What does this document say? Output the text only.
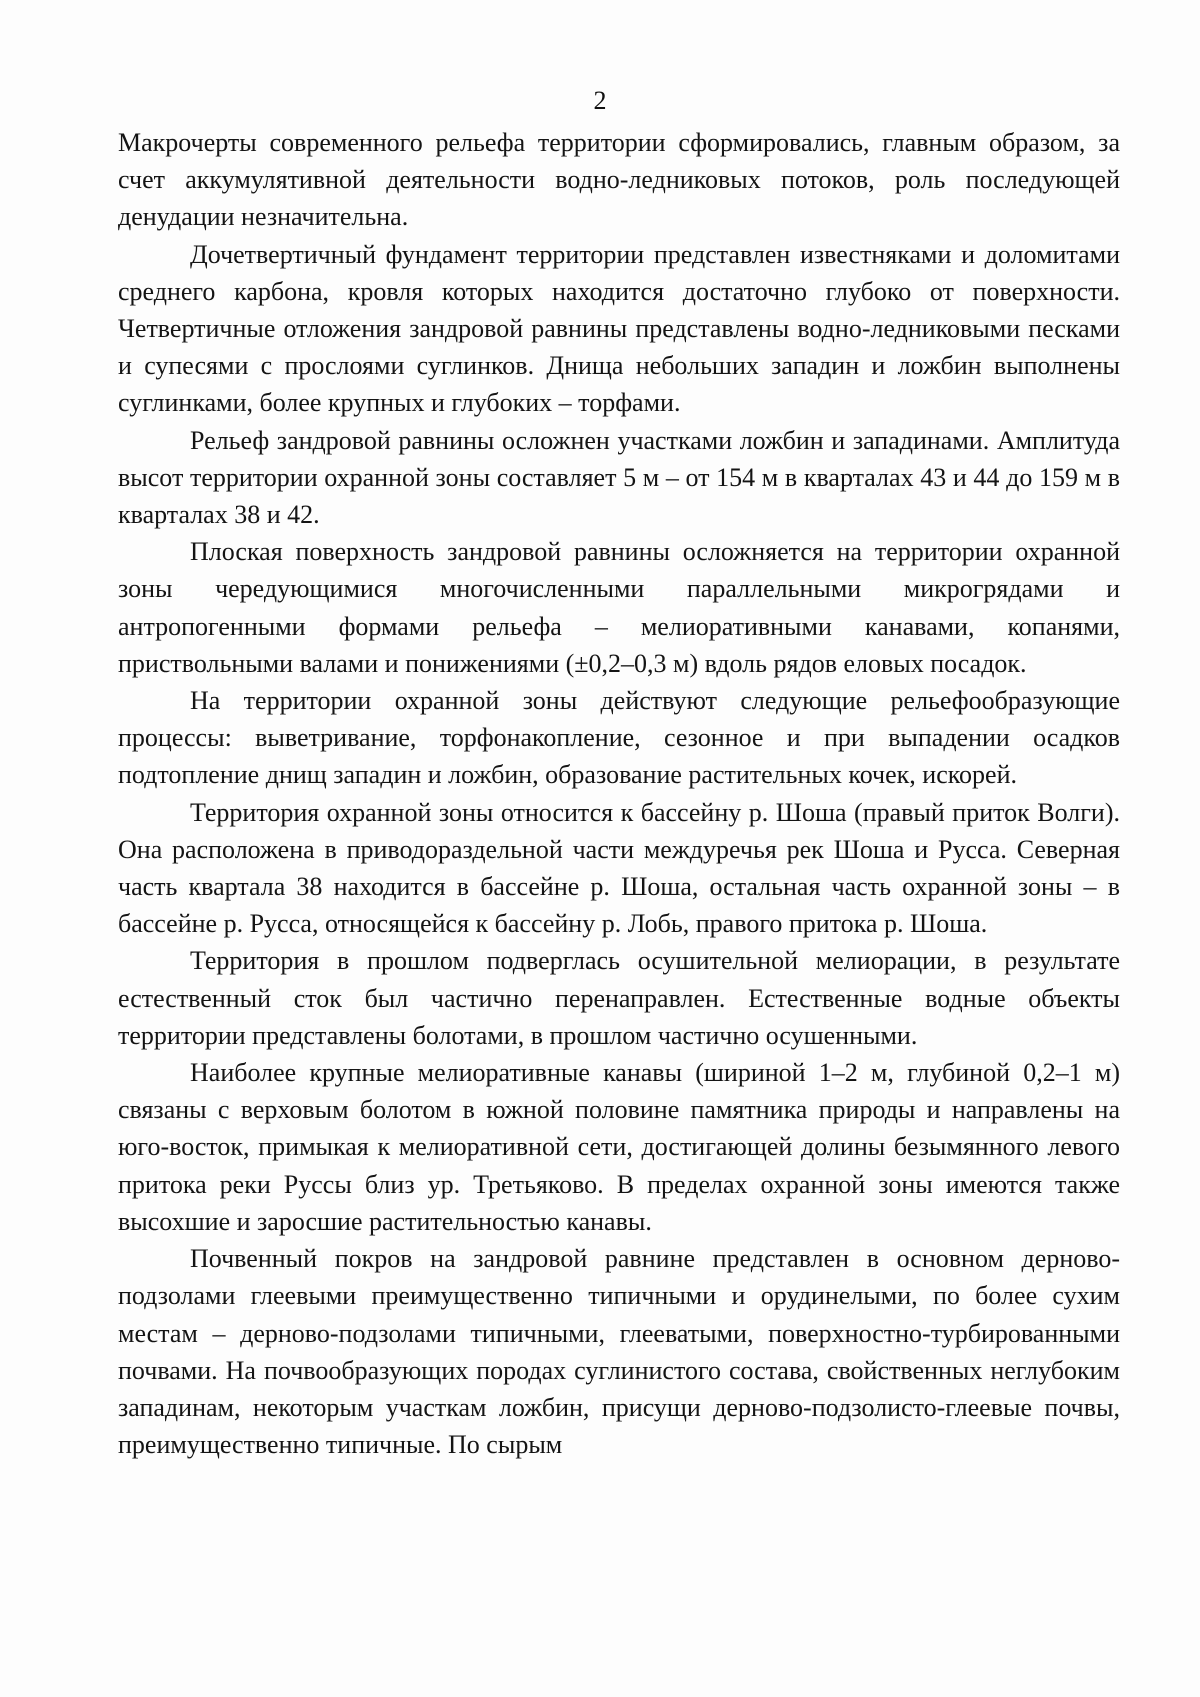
2

Макрочерты современного рельефа территории сформировались, главным образом, за счет аккумулятивной деятельности водно-ледниковых потоков, роль последующей денудации незначительна.

Дочетвертичный фундамент территории представлен известняками и доломитами среднего карбона, кровля которых находится достаточно глубоко от поверхности. Четвертичные отложения зандровой равнины представлены водно-ледниковыми песками и супесями с прослоями суглинков. Днища небольших западин и ложбин выполнены суглинками, более крупных и глубоких – торфами.

Рельеф зандровой равнины осложнен участками ложбин и западинами. Амплитуда высот территории охранной зоны составляет 5 м – от 154 м в кварталах 43 и 44 до 159 м в кварталах 38 и 42.

Плоская поверхность зандровой равнины осложняется на территории охранной зоны чередующимися многочисленными параллельными микрогрядами и антропогенными формами рельефа – мелиоративными канавами, копанями, приствольными валами и понижениями (±0,2–0,3 м) вдоль рядов еловых посадок.

На территории охранной зоны действуют следующие рельефообразующие процессы: выветривание, торфонакопление, сезонное и при выпадении осадков подтопление днищ западин и ложбин, образование растительных кочек, искорей.

Территория охранной зоны относится к бассейну р. Шоша (правый приток Волги). Она расположена в приводораздельной части междуречья рек Шоша и Русса. Северная часть квартала 38 находится в бассейне р. Шоша, остальная часть охранной зоны – в бассейне р. Русса, относящейся к бассейну р. Лобь, правого притока р. Шоша.

Территория в прошлом подверглась осушительной мелиорации, в результате естественный сток был частично перенаправлен. Естественные водные объекты территории представлены болотами, в прошлом частично осушенными.

Наиболее крупные мелиоративные канавы (шириной 1–2 м, глубиной 0,2–1 м) связаны с верховым болотом в южной половине памятника природы и направлены на юго-восток, примыкая к мелиоративной сети, достигающей долины безымянного левого притока реки Руссы близ ур. Третьяково. В пределах охранной зоны имеются также высохшие и заросшие растительностью канавы.

Почвенный покров на зандровой равнине представлен в основном дерново-подзолами глеевыми преимущественно типичными и орудинелыми, по более сухим местам – дерново-подзолами типичными, глееватыми, поверхностно-турбированными почвами. На почвообразующих породах суглинистого состава, свойственных неглубоким западинам, некоторым участкам ложбин, присущи дерново-подзолисто-глеевые почвы, преимущественно типичные. По сырым
